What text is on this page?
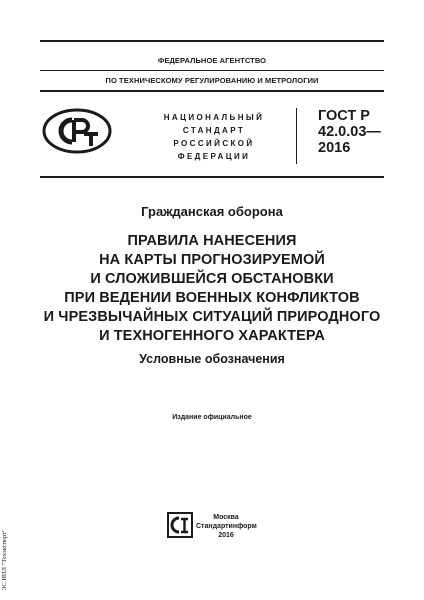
ФЕДЕРАЛЬНОЕ АГЕНТСТВО
ПО ТЕХНИЧЕСКОМУ РЕГУЛИРОВАНИЮ И МЕТРОЛОГИИ
НАЦИОНАЛЬНЫЙ
СТАНДАРТ
РОССИЙСКОЙ
ФЕДЕРАЦИИ
ГОСТ Р
42.0.03—
2016
Гражданская оборона
ПРАВИЛА НАНЕСЕНИЯ
НА КАРТЫ ПРОГНОЗИРУЕМОЙ
И СЛОЖИВШЕЙСЯ ОБСТАНОВКИ
ПРИ ВЕДЕНИИ ВОЕННЫХ КОНФЛИКТОВ
И ЧРЕЗВЫЧАЙНЫХ СИТУАЦИЙ ПРИРОДНОГО
И ТЕХНОГЕННОГО ХАРАКТЕРА
Условные обозначения
Издание официальное
Москва
Стандартинформ
2016
ЗС ИПЛ "Техэксперт"
